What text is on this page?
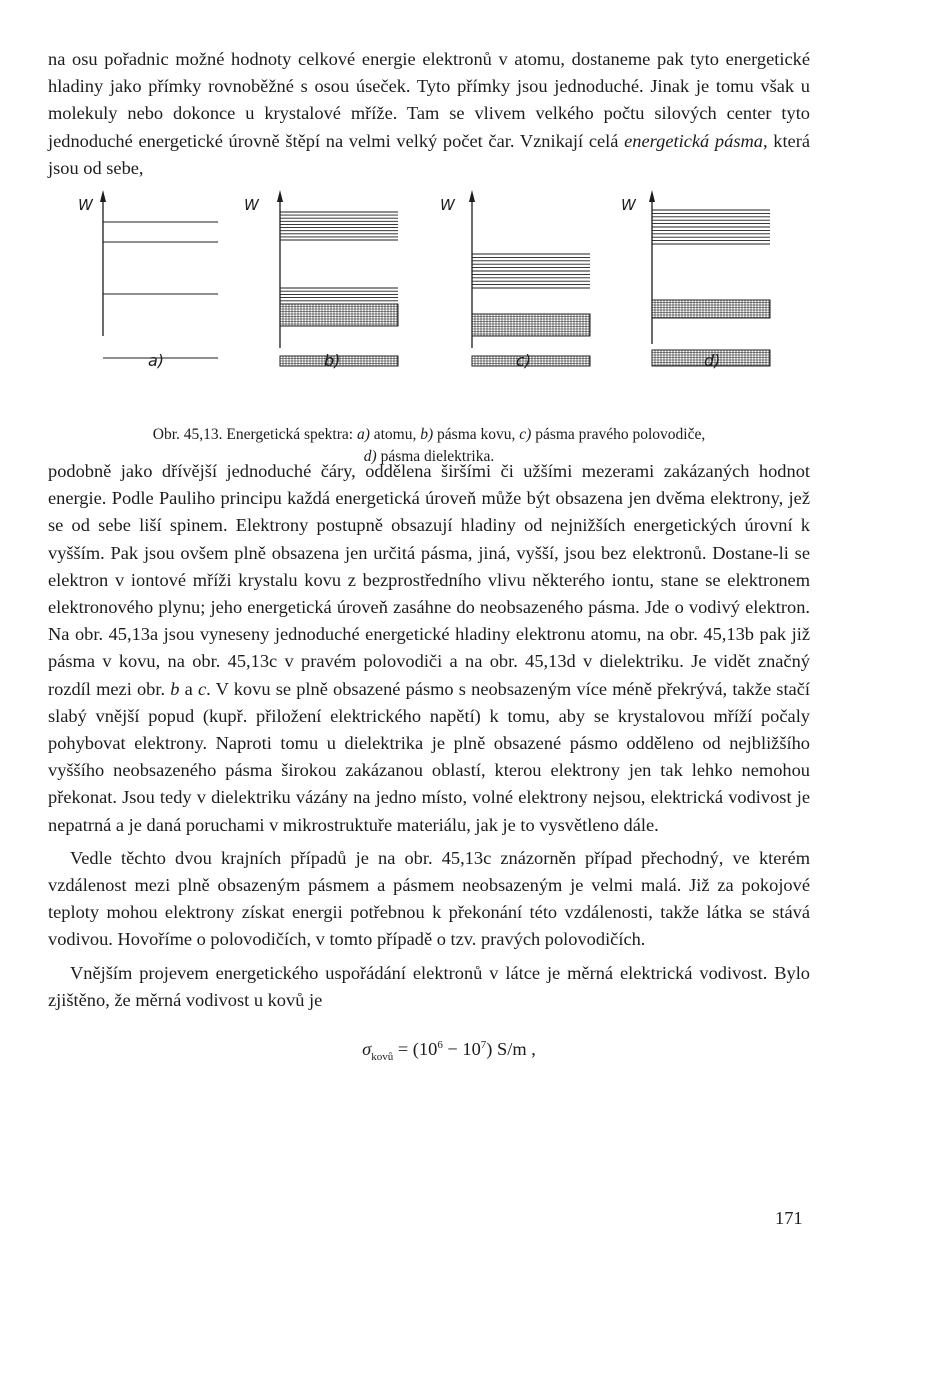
na osu pořadnic možné hodnoty celkové energie elektronů v atomu, dostaneme pak tyto energetické hladiny jako přímky rovnoběžné s osou úseček. Tyto přímky jsou jednoduché. Jinak je tomu však u molekuly nebo dokonce u krystalové mříže. Tam se vlivem velkého počtu silových center tyto jednoduché energetické úrovně štěpí na velmi velký počet čar. Vznikají celá energetická pásma, která jsou od sebe,

W
a)
W
b)
W
c)
W
d)
Obr. 45,13. Energetická spektra: a) atomu, b) pásma kovu, c) pásma pravého polovodiče,
d) pásma dielektrika.

podobně jako dřívější jednoduché čáry, oddělena širšími či užšími mezerami zakázaných hodnot energie. Podle Pauliho principu každá energetická úroveň může být obsazena jen dvěma elektrony, jež se od sebe liší spinem. Elektrony postupně obsazují hladiny od nejnižších energetických úrovní k vyšším. Pak jsou ovšem plně obsazena jen určitá pásma, jiná, vyšší, jsou bez elektronů. Dostane-li se elektron v iontové mříži krystalu kovu z bezprostředního vlivu některého iontu, stane se elektronem elektronového plynu; jeho energetická úroveň zasáhne do neobsazeného pásma. Jde o vodivý elektron. Na obr. 45,13a jsou vyneseny jednoduché energetické hladiny elektronu atomu, na obr. 45,13b pak již pásma v kovu, na obr. 45,13c v pravém polovodiči a na obr. 45,13d v dielektriku. Je vidět značný rozdíl mezi obr. b a c. V kovu se plně obsazené pásmo s neobsazeným více méně překrývá, takže stačí slabý vnější popud (kupř. přiložení elektrického napětí) k tomu, aby se krystalovou mříží počaly pohybovat elektrony. Naproti tomu u dielektrika je plně obsazené pásmo odděleno od nejbližšího vyššího neobsazeného pásma širokou zakázanou oblastí, kterou elektrony jen tak lehko nemohou překonat. Jsou tedy v dielektriku vázány na jedno místo, volné elektrony nejsou, elektrická vodivost je nepatrná a je daná poruchami v mikrostruktuře materiálu, jak je to vysvětleno dále.

Vedle těchto dvou krajních případů je na obr. 45,13c znázorněn případ přechodný, ve kterém vzdálenost mezi plně obsazeným pásmem a pásmem neobsazeným je velmi malá. Již za pokojové teploty mohou elektrony získat energii potřebnou k překonání této vzdálenosti, takže látka se stává vodivou. Hovoříme o polovodičích, v tomto případě o tzv. pravých polovodičích.

Vnějším projevem energetického uspořádání elektronů v látce je měrná elektrická vodivost. Bylo zjištěno, že měrná vodivost u kovů je

$\sigma_{kovů} = (10^6 - 10^7)$ S/m ,
171
